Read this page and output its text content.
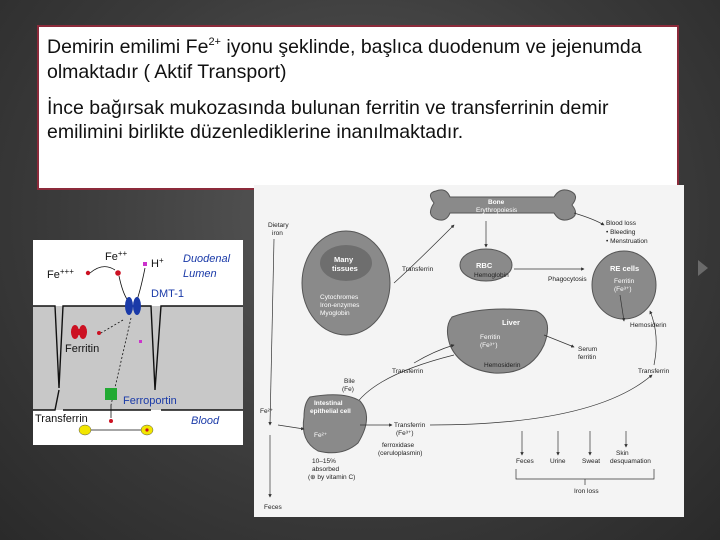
Demirin emilimi $Fe^{2+}$ iyonu şeklinde, başlıca duodenum ve jejenumda olmaktadır ( Aktif Transport)

İnce bağırsak mukozasında bulunan ferritin ve transferrinin demir emilimini birlikte düzenlediklerine inanılmaktadır.

Duodenal
Lumen
Fe++
Fe+++
H+
DMT-1
Ferritin
Ferroportin
Transferrin	Blood
Bone
Erythropoiesis
Blood loss
• Bleeding
• Menstruation
Dietary
iron
Many
tissues
Cytochromes
Iron-enzymes
Myoglobin
Transferrin	RBC
Hemoglobin
Phagocytosis
RE cells
Ferritin
(Fe³⁺)
Hemosiderin
Liver
Ferritin
(Fe³⁺)
Hemosiderin
Serum
ferritin
Transferrin	Transferrin
Bile
(Fe)
Fe²⁺
Intestinal
epithelial cell
Fe²⁺
Transferrin
(Fe³⁺)
ferroxidase
(ceruloplasmin)
10–15%
absorbed
(⊕ by vitamin C)
Feces	Urine	Sweat
Skin
desquamation
Iron loss
Feces
